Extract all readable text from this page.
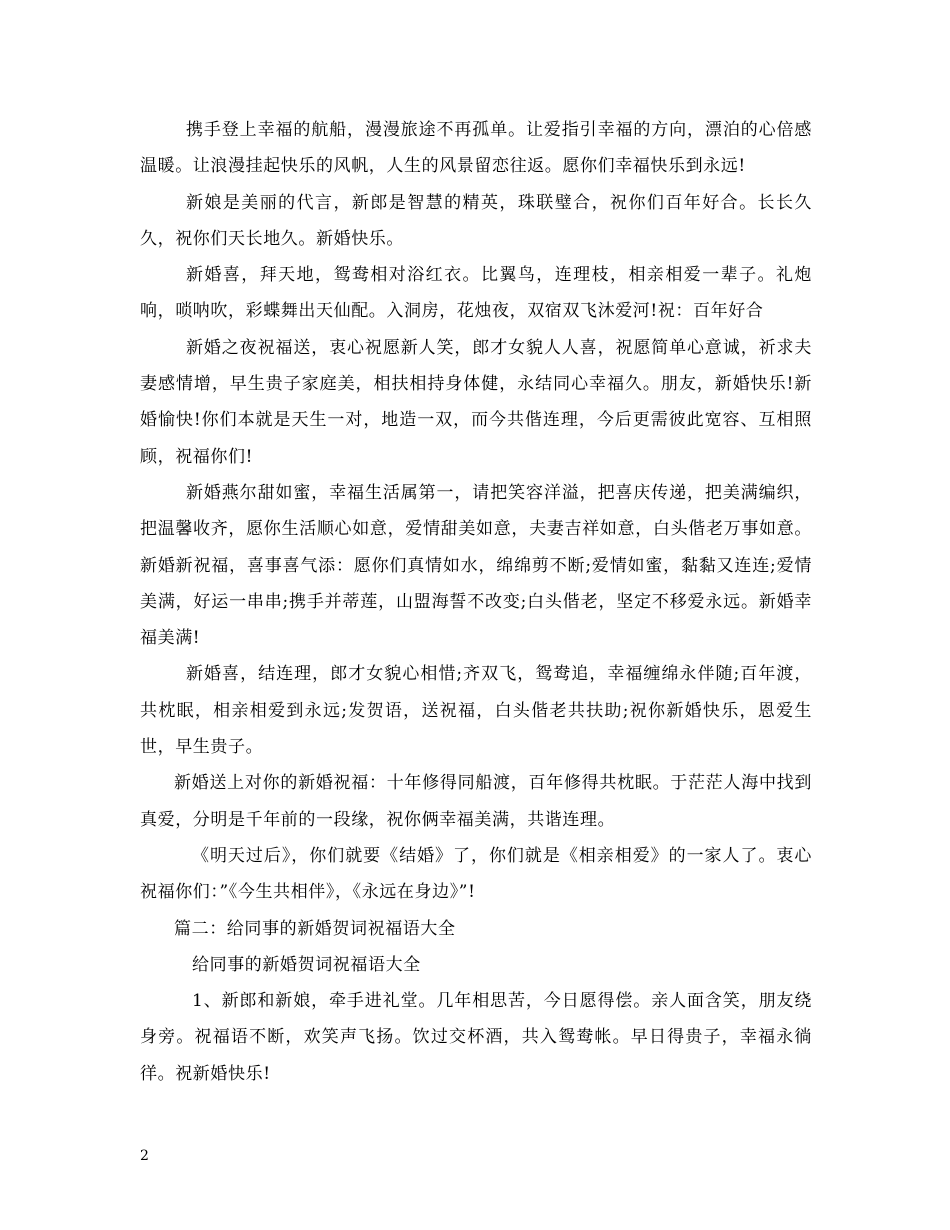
携手登上幸福的航船，漫漫旅途不再孤单。让爱指引幸福的方向，漂泊的心倍感温暖。让浪漫挂起快乐的风帆，人生的风景留恋往返。愿你们幸福快乐到永远!

新娘是美丽的代言，新郎是智慧的精英，珠联璧合，祝你们百年好合。长长久久，祝你们天长地久。新婚快乐。

新婚喜，拜天地，鸳鸯相对浴红衣。比翼鸟，连理枝，相亲相爱一辈子。礼炮响，唢呐吹，彩蝶舞出天仙配。入洞房，花烛夜，双宿双飞沐爱河!祝：百年好合

新婚之夜祝福送，衷心祝愿新人笑，郎才女貌人人喜，祝愿简单心意诚，祈求夫妻感情增，早生贵子家庭美，相扶相持身体健，永结同心幸福久。朋友，新婚快乐!新婚愉快!你们本就是天生一对，地造一双，而今共偕连理，今后更需彼此宽容、互相照顾，祝福你们!

新婚燕尔甜如蜜，幸福生活属第一，请把笑容洋溢，把喜庆传递，把美满编织，把温馨收齐，愿你生活顺心如意，爱情甜美如意，夫妻吉祥如意，白头偕老万事如意。新婚新祝福，喜事喜气添：愿你们真情如水，绵绵剪不断;爱情如蜜，黏黏又连连;爱情美满，好运一串串;携手并蒂莲，山盟海誓不改变;白头偕老，坚定不移爱永远。新婚幸福美满!

新婚喜，结连理，郎才女貌心相惜;齐双飞，鸳鸯追，幸福缠绵永伴随;百年渡，共枕眠，相亲相爱到永远;发贺语，送祝福，白头偕老共扶助;祝你新婚快乐，恩爱生世，早生贵子。

新婚送上对你的新婚祝福：十年修得同船渡，百年修得共枕眠。于茫茫人海中找到真爱，分明是千年前的一段缘，祝你俩幸福美满，共谐连理。

《明天过后》，你们就要《结婚》了，你们就是《相亲相爱》的一家人了。衷心祝福你们：”《今生共相伴》，《永远在身边》”!

篇二：给同事的新婚贺词祝福语大全

给同事的新婚贺词祝福语大全

1、新郎和新娘，牵手进礼堂。几年相思苦，今日愿得偿。亲人面含笑，朋友绕身旁。祝福语不断，欢笑声飞扬。饮过交杯酒，共入鸳鸯帐。早日得贵子，幸福永徜徉。祝新婚快乐!

2
